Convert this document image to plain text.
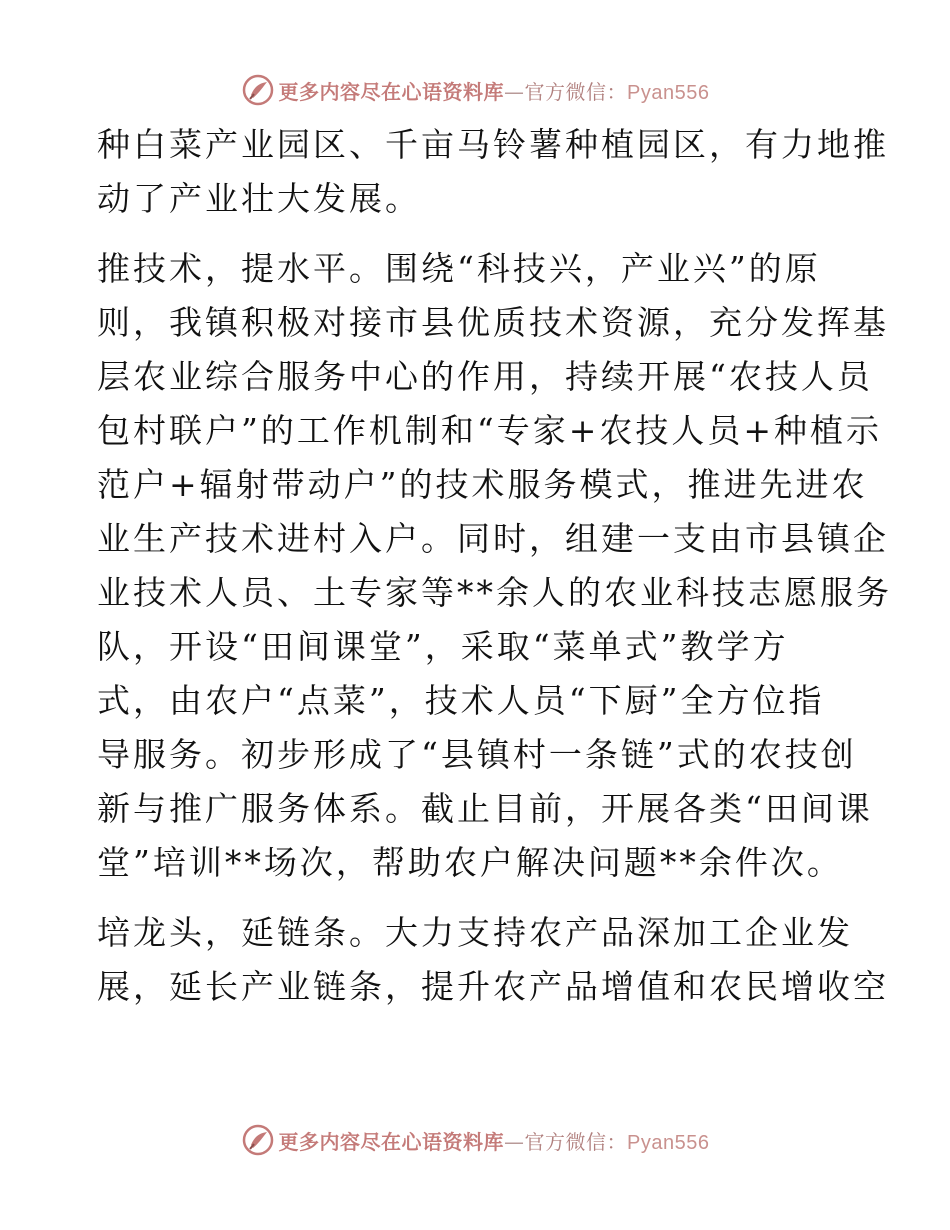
更多内容尽在心语资料库—官方微信：Pyan556
种白菜产业园区、千亩马铃薯种植园区，有力地推
动了产业壮大发展。
推技术，提水平。围绕“科技兴，产业兴”的原
则，我镇积极对接市县优质技术资源，充分发挥基
层农业综合服务中心的作用，持续开展“农技人员
包村联户”的工作机制和“专家+农技人员+种植示
范户+辐射带动户”的技术服务模式，推进先进农
业生产技术进村入户。同时，组建一支由市县镇企
业技术人员、土专家等**余人的农业科技志愿服务
队，开设“田间课堂”，采取“菜单式”教学方
式，由农户“点菜”，技术人员“下厨”全方位指
导服务。初步形成了“县镇村一条链”式的农技创
新与推广服务体系。截止目前，开展各类“田间课
堂”培训**场次，帮助农户解决问题**余件次。
培龙头，延链条。大力支持农产品深加工企业发
展，延长产业链条，提升农产品增值和农民增收空
更多内容尽在心语资料库—官方微信：Pyan556
